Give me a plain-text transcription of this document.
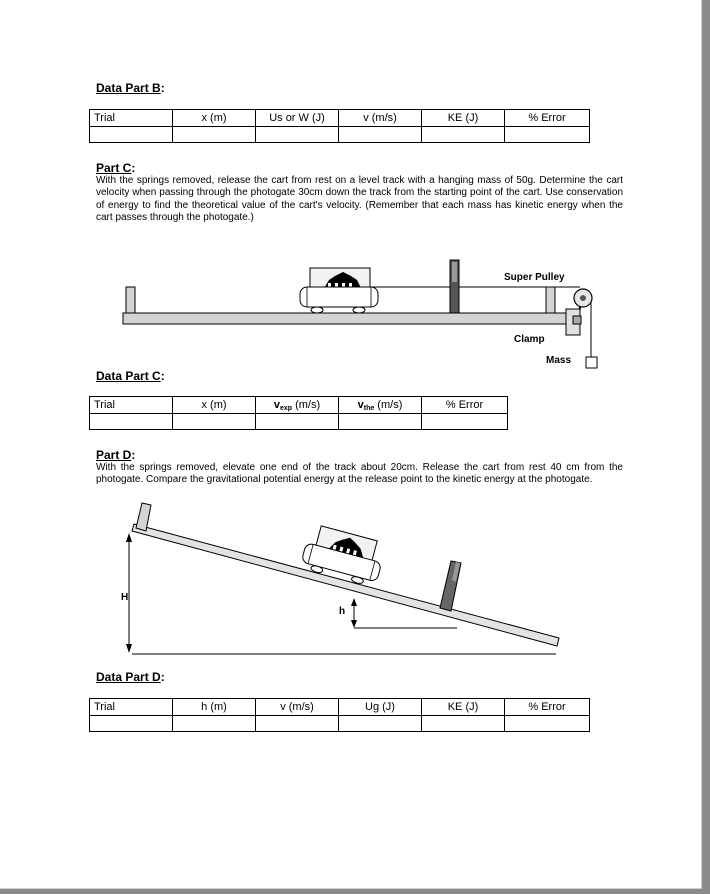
Data Part B:
Trial	x (m)	Us or W (J)	v (m/s)	KE (J)	% Error

Part C:

With the springs removed, release the cart from rest on a level track with a hanging mass of 50g. Determine the cart velocity when passing through the photogate 30cm down the track from the starting point of the cart. Use conservation of energy to find the theoretical value of the cart's velocity. (Remember that each mass has kinetic energy when the cart passes through the photogate.)

Super Pulley
Clamp
Mass
Data Part C:
Trial	x (m)	$v_{exp}$ (m/s)	$v_{the}$ (m/s)	% Error

Part D:

With the springs removed, elevate one end of the track about 20cm. Release the cart from rest 40 cm from the photogate. Compare the gravitational potential energy at the release point to the kinetic energy at the photogate.

H
h
Data Part D:
Trial	h (m)	v (m/s)	Ug (J)	KE (J)	% Error
